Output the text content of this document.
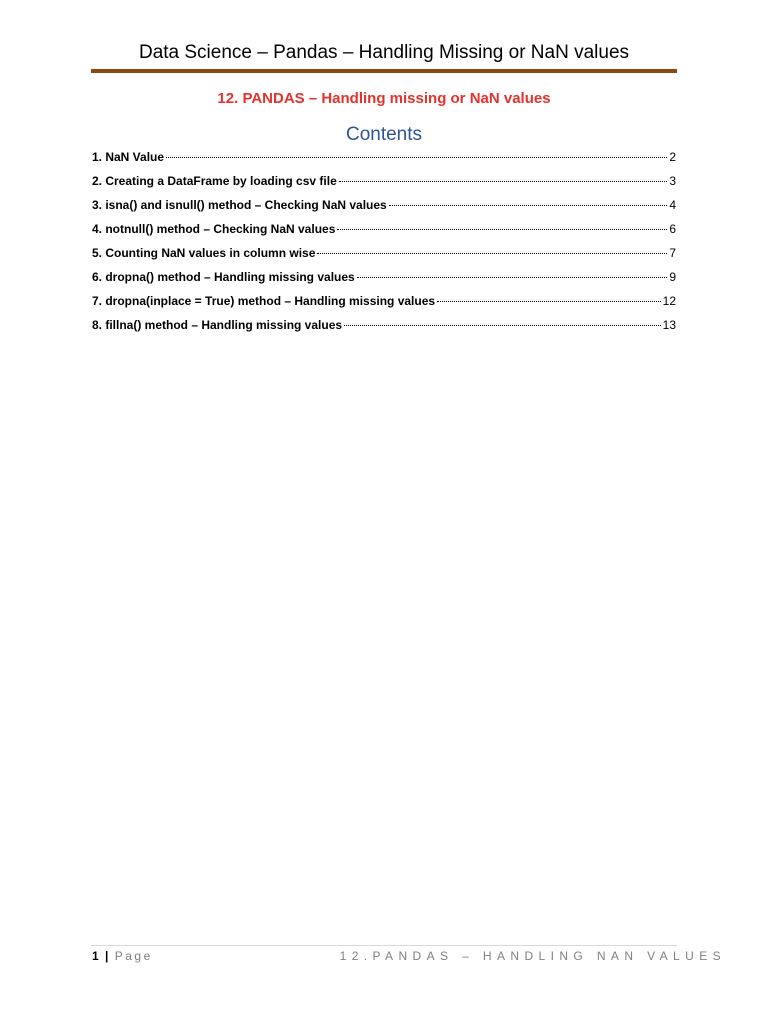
Data Science – Pandas – Handling Missing or NaN values
12. PANDAS – Handling missing or NaN values
Contents
1. NaN Value	2
2. Creating a DataFrame by loading csv file	3
3. isna() and isnull() method – Checking NaN values	4
4. notnull() method – Checking NaN values	6
5. Counting NaN values in column wise	7
6. dropna() method – Handling missing values	9
7. dropna(inplace = True) method – Handling missing values	12
8. fillna() method – Handling missing values	13
1 | Page	12.PANDAS – HANDLING NAN VALUES
